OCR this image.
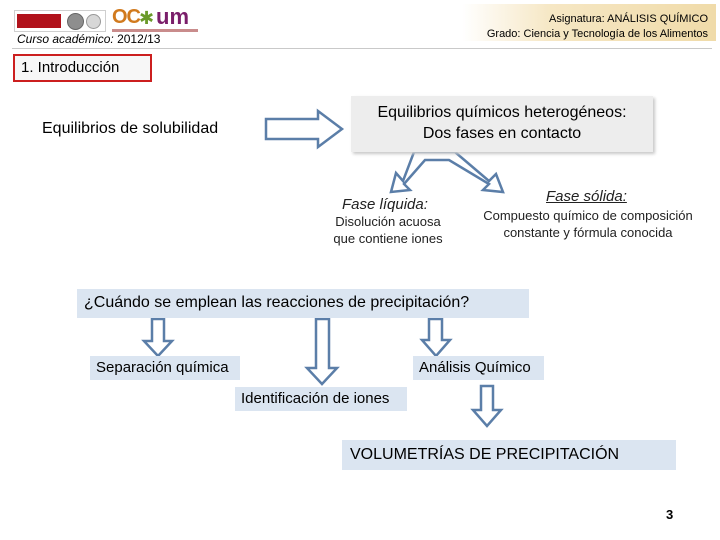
OC ✱ um
Curso académico: 2012/13
Asignatura: ANÁLISIS QUÍMICO
Grado: Ciencia y Tecnología de los Alimentos
1. Introducción
Equilibrios de solubilidad
Equilibrios químicos heterogéneos:
Dos fases en contacto
Fase líquida:
Disolución acuosa
que contiene iones
Fase sólida:
Compuesto químico de composición
constante y fórmula conocida
¿Cuándo se emplean las reacciones de precipitación?
Separación química	Análisis Químico
Identificación de iones
VOLUMETRÍAS DE PRECIPITACIÓN
3
